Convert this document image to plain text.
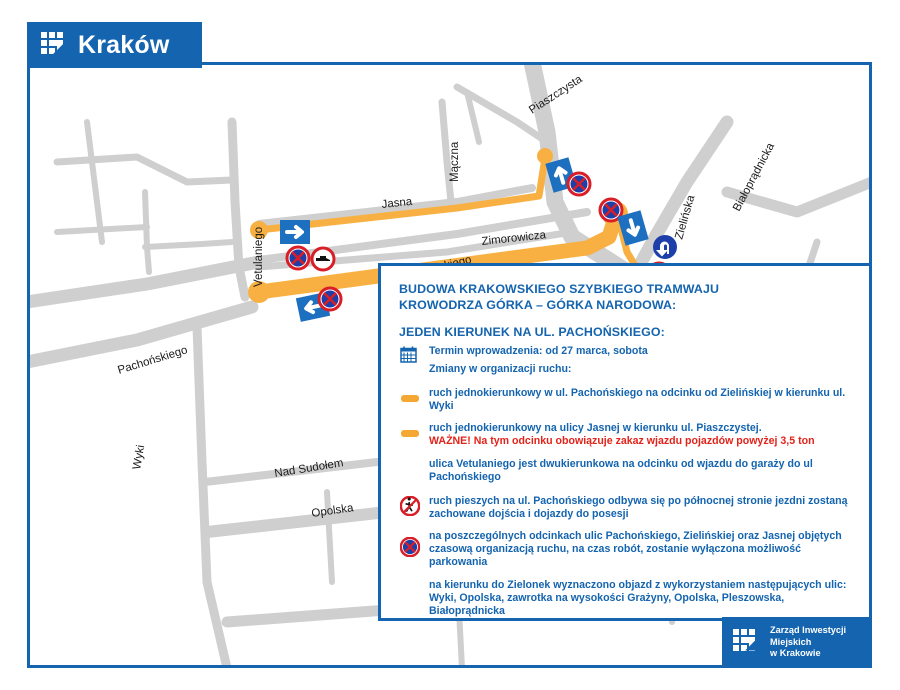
Piaszczysta
Mączna
Jasna
Vetulaniego	Zimorowicza	Zielińska
Białoprądnicka
Pachońskiego
Wyki	Nad Sudołem
Opolska
Kraków
BUDOWA KRAKOWSKIEGO SZYBKIEGO TRAMWAJU
KROWODRZA GÓRKA – GÓRKA NARODOWA:
JEDEN KIERUNEK NA UL. PACHOŃSKIEGO:
Termin wprowadzenia: od 27 marca, sobota
Zmiany w organizacji ruchu:
ruch jednokierunkowy w ul. Pachońskiego na odcinku od Zielińskiej w kierunku ul. Wyki
ruch jednokierunkowy na ulicy Jasnej w kierunku ul. Piaszczystej.
WAŻNE! Na tym odcinku obowiązuje zakaz wjazdu pojazdów powyżej 3,5 ton
ulica Vetulaniego jest dwukierunkowa na odcinku od wjazdu do garaży do ul Pachońskiego
ruch pieszych na ul. Pachońskiego odbywa się po północnej stronie jezdni zostaną zachowane dojścia i dojazdy do posesji
na poszczególnych odcinkach ulic Pachońskiego, Zielińskiej oraz Jasnej objętych czasową organizacją ruchu, na czas robót, zostanie wyłączona możliwość parkowania
na kierunku do Zielonek wyznaczono objazd z wykorzystaniem następujących ulic: Wyki, Opolska, zawrotka na wysokości Grażyny, Opolska, Pleszowska, Białoprądnicka
Zarząd Inwestycji
Miejskich
w Krakowie
